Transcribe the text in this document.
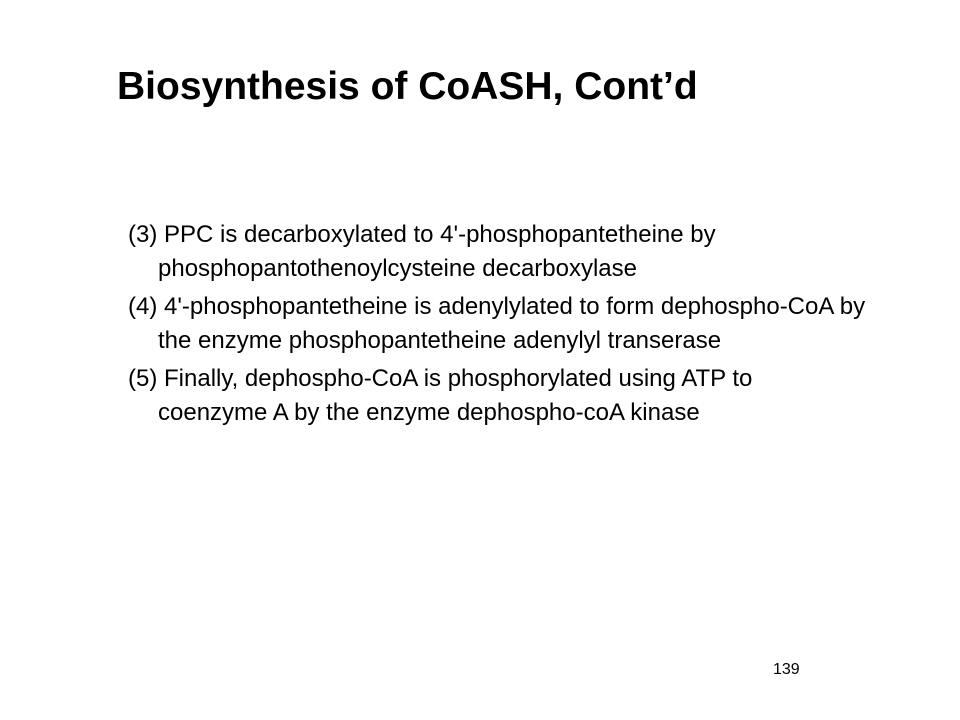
Biosynthesis of CoASH, Cont’d

(3) PPC is decarboxylated to 4'-phosphopantetheine by phosphopantothenoylcysteine decarboxylase

(4) 4'-phosphopantetheine is adenylylated to form dephospho-CoA by the enzyme phosphopantetheine adenylyl transerase

(5) Finally, dephospho-CoA is phosphorylated using ATP to coenzyme A by the enzyme dephospho-coA kinase

139
